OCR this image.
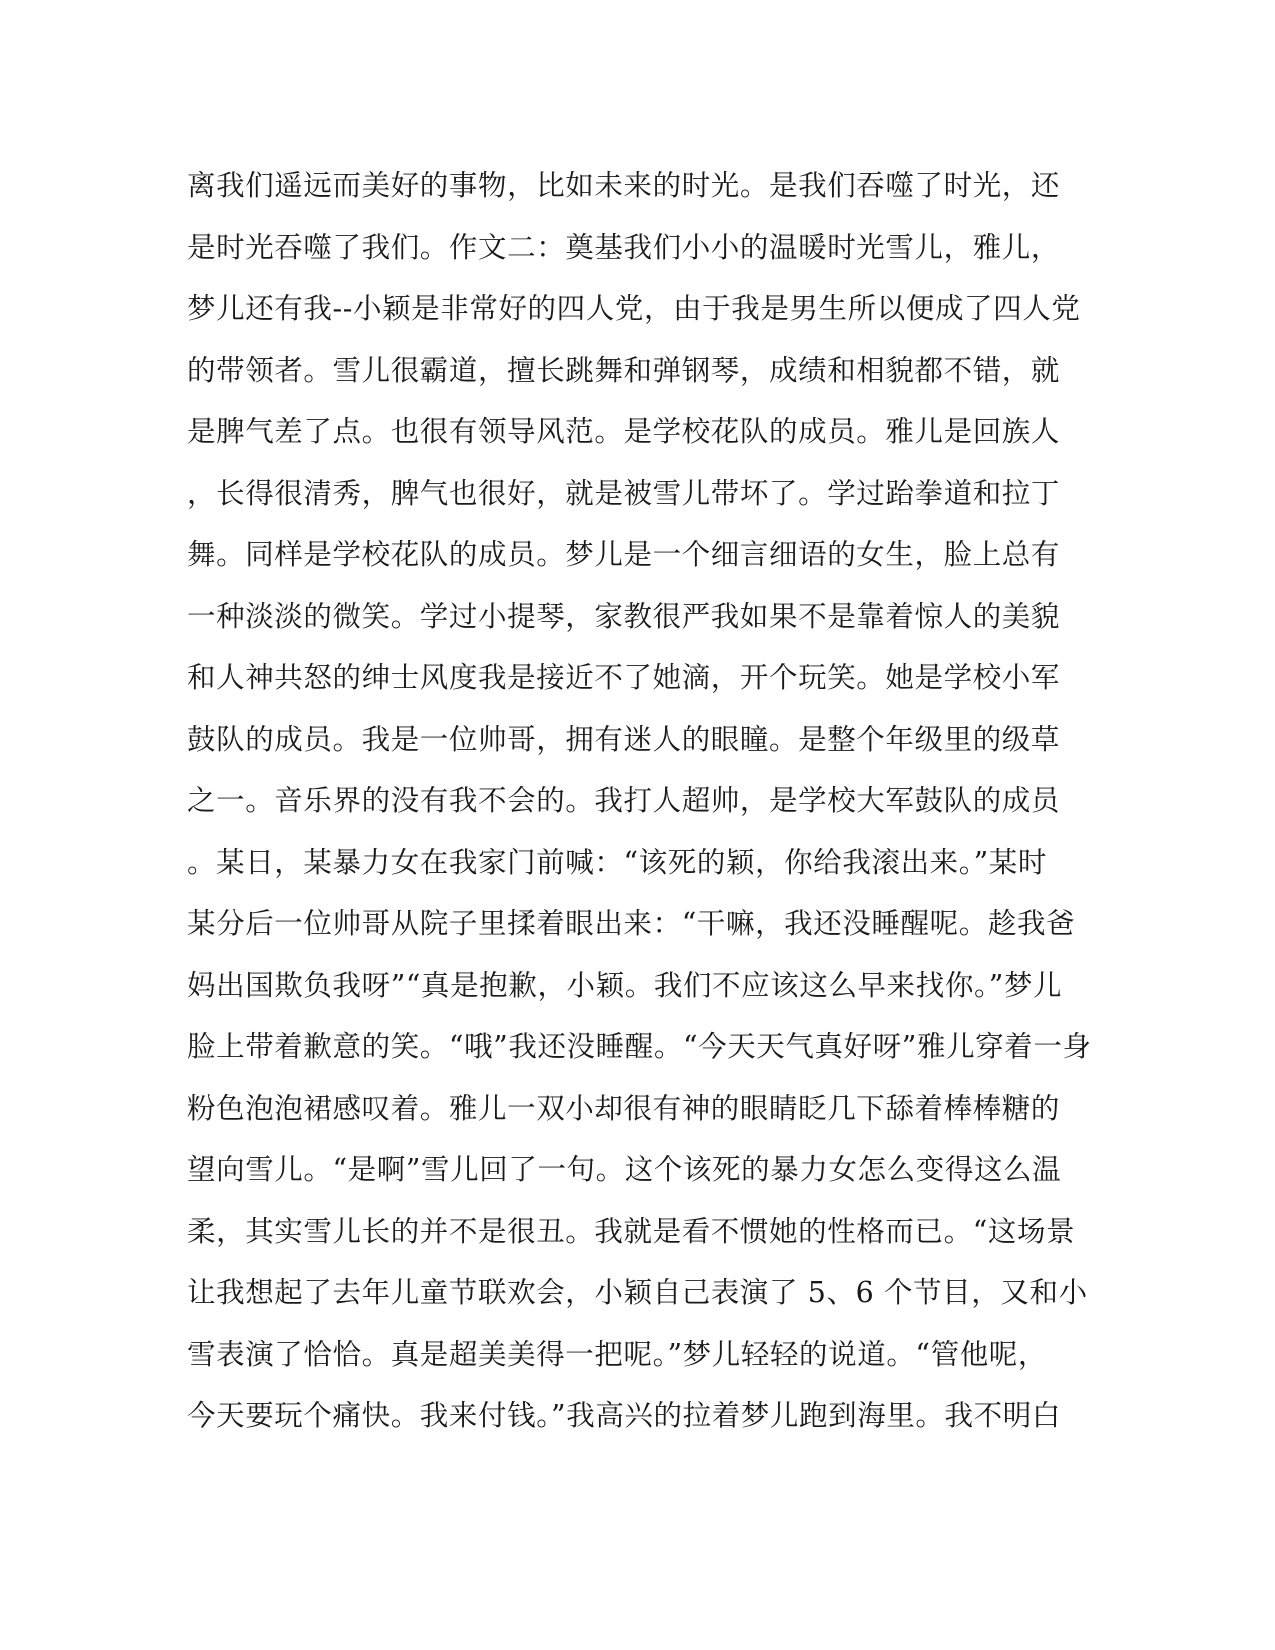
离我们遥远而美好的事物，比如未来的时光。是我们吞噬了时光，还
是时光吞噬了我们。作文二：奠基我们小小的温暖时光雪儿，雅儿，
梦儿还有我--小颖是非常好的四人党，由于我是男生所以便成了四人党
的带领者。雪儿很霸道，擅长跳舞和弹钢琴，成绩和相貌都不错，就
是脾气差了点。也很有领导风范。是学校花队的成员。雅儿是回族人
，长得很清秀，脾气也很好，就是被雪儿带坏了。学过跆拳道和拉丁
舞。同样是学校花队的成员。梦儿是一个细言细语的女生，脸上总有
一种淡淡的微笑。学过小提琴，家教很严我如果不是靠着惊人的美貌
和人神共怒的绅士风度我是接近不了她滴，开个玩笑。她是学校小军
鼓队的成员。我是一位帅哥，拥有迷人的眼瞳。是整个年级里的级草
之一。音乐界的没有我不会的。我打人超帅，是学校大军鼓队的成员
。某日，某暴力女在我家门前喊：“该死的颖，你给我滚出来。”某时
某分后一位帅哥从院子里揉着眼出来：“干嘛，我还没睡醒呢。趁我爸
妈出国欺负我呀”“真是抱歉，小颖。我们不应该这么早来找你。”梦儿
脸上带着歉意的笑。“哦”我还没睡醒。“今天天气真好呀”雅儿穿着一身
粉色泡泡裙感叹着。雅儿一双小却很有神的眼睛眨几下舔着棒棒糖的
望向雪儿。“是啊”雪儿回了一句。这个该死的暴力女怎么变得这么温
柔，其实雪儿长的并不是很丑。我就是看不惯她的性格而已。“这场景
让我想起了去年儿童节联欢会，小颖自己表演了 5、6 个节目，又和小
雪表演了恰恰。真是超美美得一把呢。”梦儿轻轻的说道。“管他呢，
今天要玩个痛快。我来付钱。”我高兴的拉着梦儿跑到海里。我不明白
